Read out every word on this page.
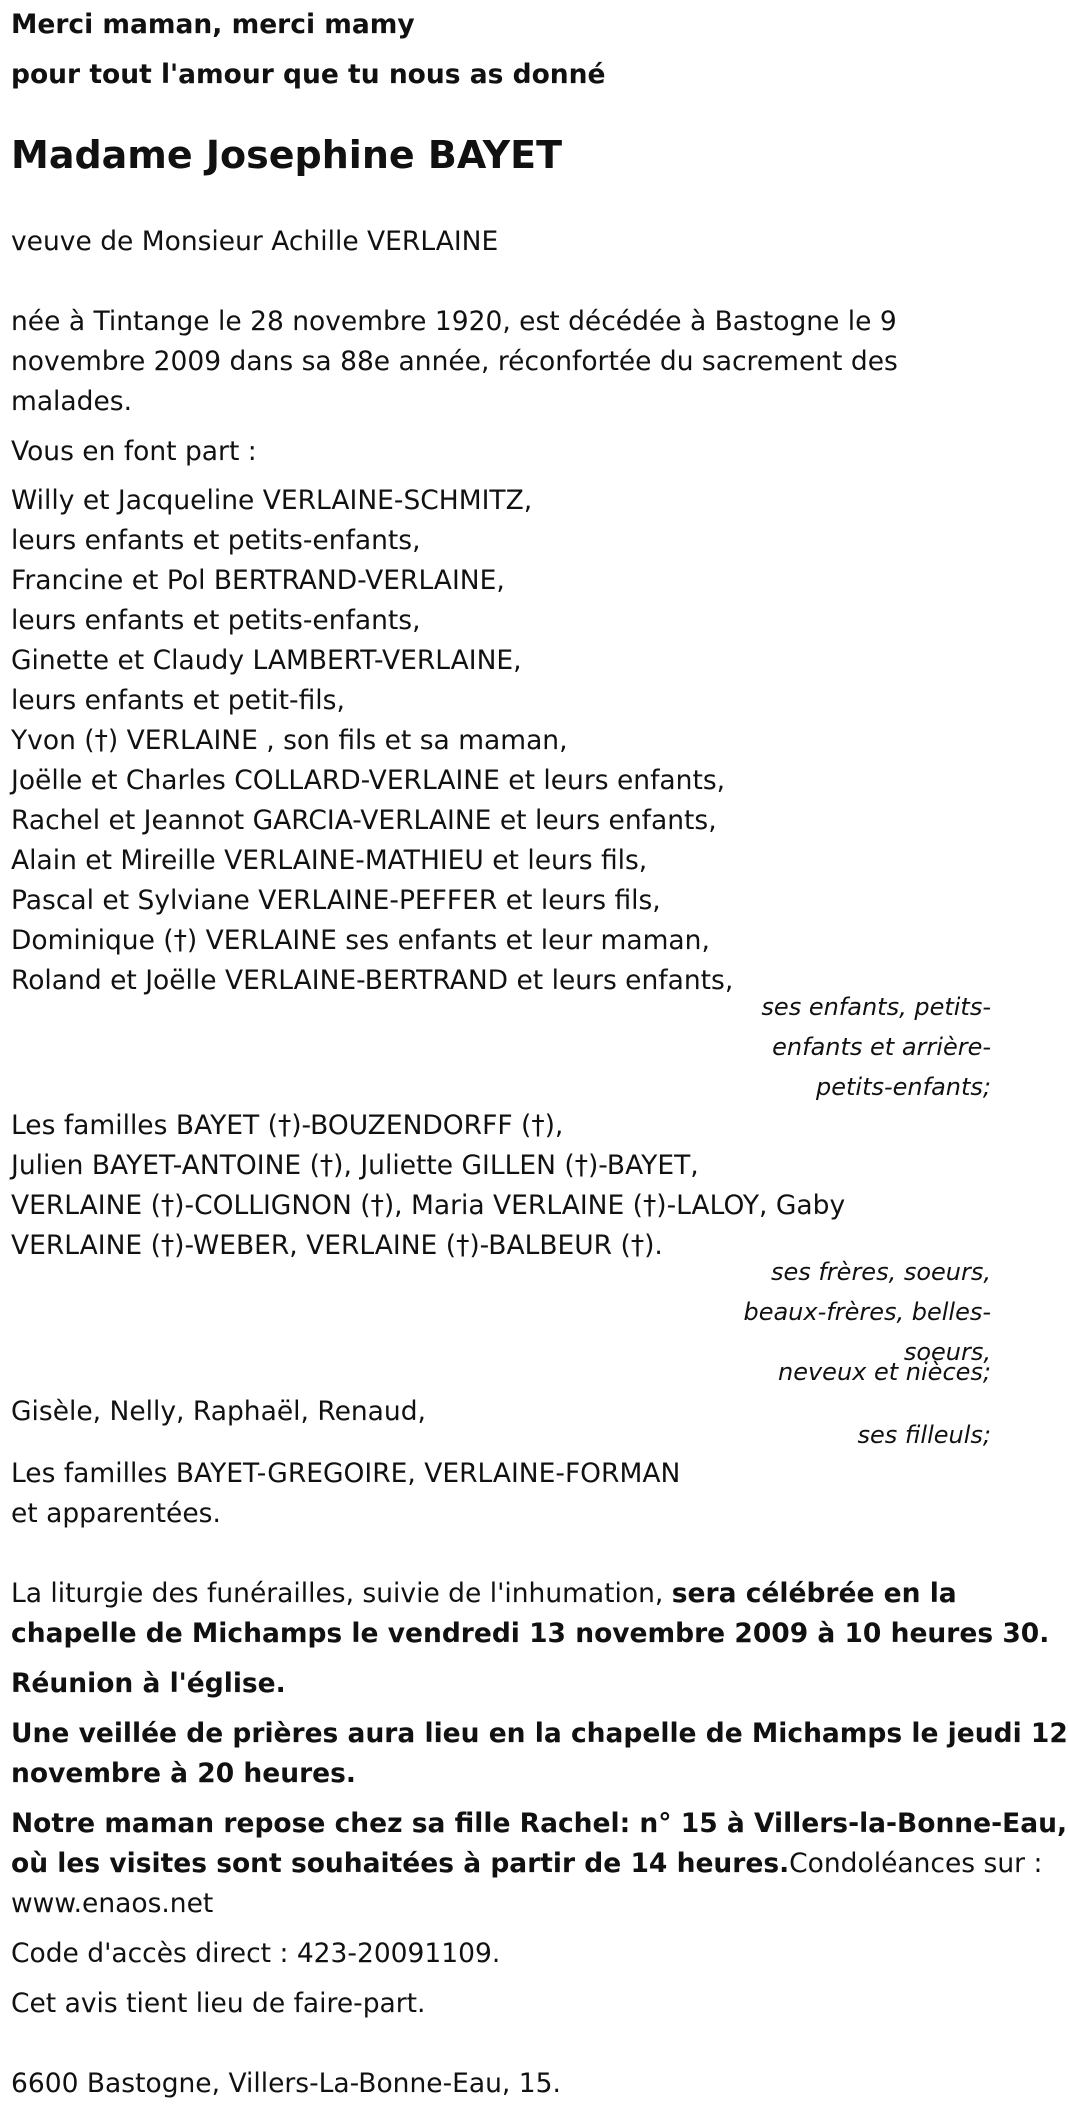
Merci maman, merci mamy
pour tout l'amour que tu nous as donné
Madame Josephine BAYET
veuve de Monsieur Achille VERLAINE
née à Tintange le 28 novembre 1920, est décédée à Bastogne le 9
novembre 2009 dans sa 88e année, réconfortée du sacrement des
malades.
Vous en font part :
Willy et Jacqueline VERLAINE-SCHMITZ,
leurs enfants et petits-enfants,
Francine et Pol BERTRAND-VERLAINE,
leurs enfants et petits-enfants,
Ginette et Claudy LAMBERT-VERLAINE,
leurs enfants et petit-fils,
Yvon (†) VERLAINE , son fils et sa maman,
Joëlle et Charles COLLARD-VERLAINE et leurs enfants,
Rachel et Jeannot GARCIA-VERLAINE et leurs enfants,
Alain et Mireille VERLAINE-MATHIEU et leurs fils,
Pascal et Sylviane VERLAINE-PEFFER et leurs fils,
Dominique (†) VERLAINE ses enfants et leur maman,
Roland et Joëlle VERLAINE-BERTRAND et leurs enfants,
ses enfants, petits-
enfants et arrière-
petits-enfants;
Les familles BAYET (†)-BOUZENDORFF (†),
Julien BAYET-ANTOINE (†), Juliette GILLEN (†)-BAYET,
VERLAINE (†)-COLLIGNON (†), Maria VERLAINE (†)-LALOY, Gaby
VERLAINE (†)-WEBER, VERLAINE (†)-BALBEUR (†).
ses frères, soeurs,
beaux-frères, belles-
soeurs,
neveux et nièces;
Gisèle, Nelly, Raphaël, Renaud,
ses filleuls;
Les familles BAYET-GREGOIRE, VERLAINE-FORMAN
et apparentées.
La liturgie des funérailles, suivie de l'inhumation, sera célébrée en la
chapelle de Michamps le vendredi 13 novembre 2009 à 10 heures 30.
Réunion à l'église.
Une veillée de prières aura lieu en la chapelle de Michamps le jeudi 12
novembre à 20 heures.
Notre maman repose chez sa fille Rachel: n° 15 à Villers-la-Bonne-Eau,
où les visites sont souhaitées à partir de 14 heures.Condoléances sur :
www.enaos.net
Code d'accès direct : 423-20091109.
Cet avis tient lieu de faire-part.
6600 Bastogne, Villers-La-Bonne-Eau, 15.
